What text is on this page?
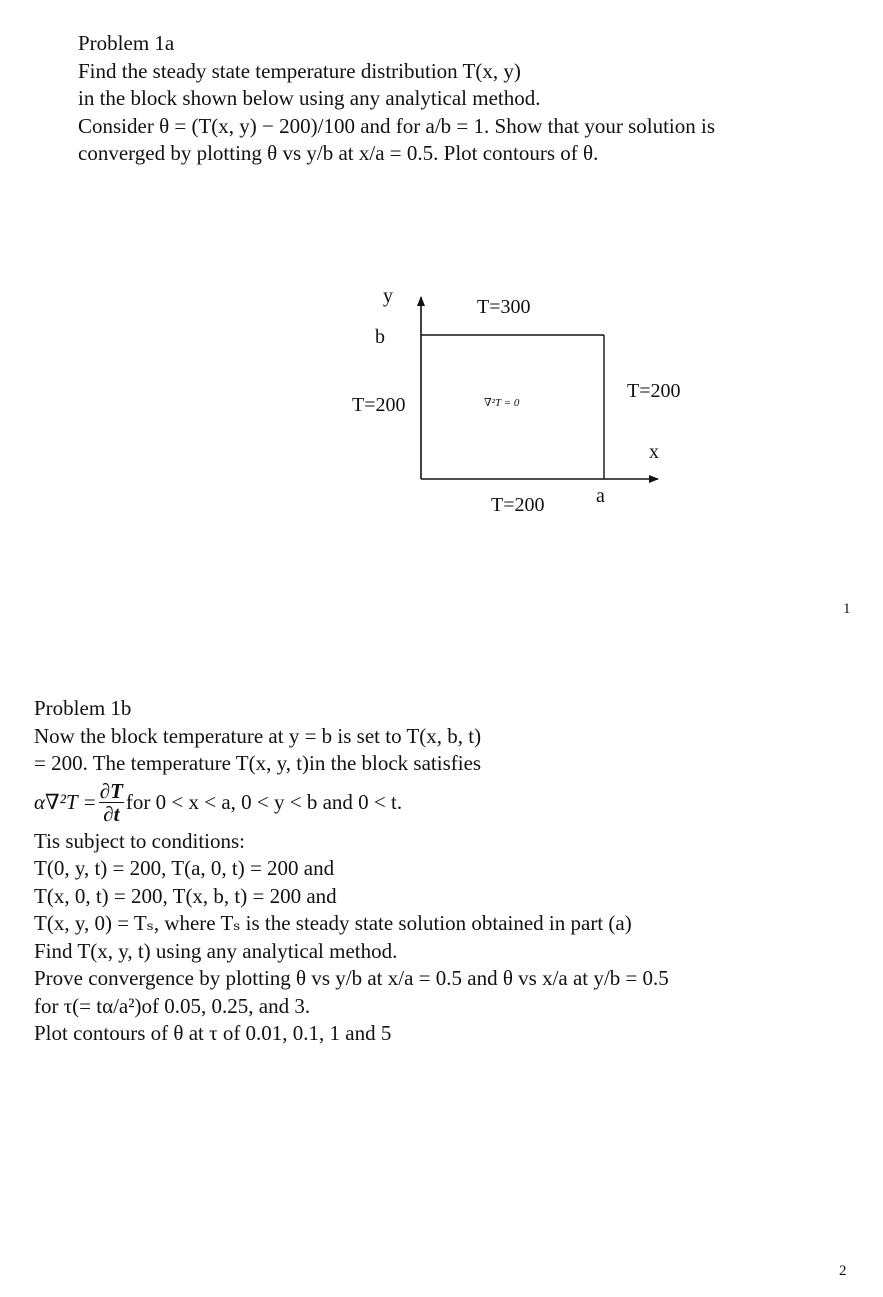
Problem 1a
Find the steady state temperature distribution T(x, y)
in the block shown below using any analytical method.
Consider θ = (T(x, y) − 200)/100 and for a/b = 1. Show that your solution is
converged by plotting θ vs y/b at x/a = 0.5. Plot contours of θ.
y
b
T=300
T=200	∇²T = 0
T=200
x
a
T=200
1
Problem 1b
Now the block temperature at y = b is set to T(x, b, t)
= 200. The temperature T(x, y, t)in the block satisfies
$\alpha\nabla^2T = \frac{\partial T}{\partial t}$ for 0 < x < a, 0 < y < b and 0 < t.
Tis subject to conditions:
T(0, y, t) = 200, T(a, 0, t) = 200 and
T(x, 0, t) = 200, T(x, b, t) = 200 and
T(x, y, 0) = Tₛ, where Tₛ is the steady state solution obtained in part (a)
Find T(x, y, t) using any analytical method.
Prove convergence by plotting θ vs y/b at x/a = 0.5 and θ vs x/a at y/b = 0.5
for τ(= tα/a²)of 0.05, 0.25, and 3.
Plot contours of θ at τ of 0.01, 0.1, 1 and 5
2
